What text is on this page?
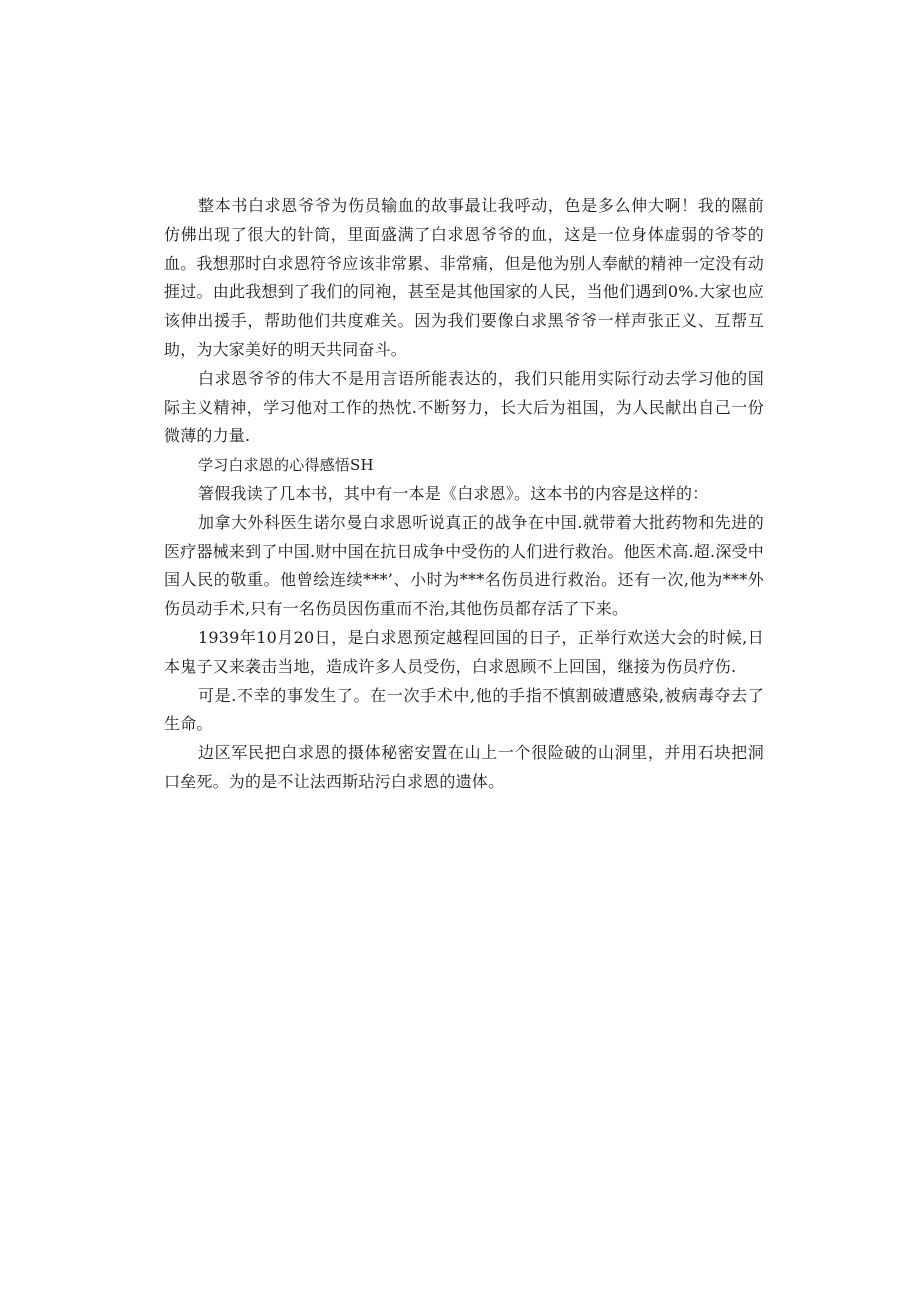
整本书白求恩爷爷为伤员输血的故事最让我呼动，色是多么伸大啊！我的隰前仿佛出现了很大的针筒，里面盛满了白求恩爷爷的血，这是一位身体虚弱的爷苓的血。我想那时白求恩符爷应该非常累、非常痛，但是他为别人奉献的精神一定没有动捱过。由此我想到了我们的同袍，甚至是其他国家的人民，当他们遇到0%.大家也应该伸出援手，帮助他们共度难关。因为我们要像白求黑爷爷一样声张正义、互帮互助，为大家美好的明天共同奋斗。

白求恩爷爷的伟大不是用言语所能表达的，我们只能用实际行动去学习他的国际主义精神，学习他对工作的热忱.不断努力，长大后为祖国，为人民献出自己一份微薄的力量.

学习白求恩的心得感悟SH

箸假我读了几本书，其中有一本是《白求恩》。这本书的内容是这样的：

加拿大外科医生诺尔曼白求恩听说真正的战争在中国.就带着大批药物和先进的医疗器械来到了中国.财中国在抗日成争中受伤的人们进行救治。他医术高.超.深受中国人民的敬重。他曾绘连续***’、小时为***名伤员进行救治。还有一次,他为***外伤员动手术,只有一名伤员因伤重而不治,其他伤员都存活了下来。

1939年10月20日，是白求恩预定越程回国的日子，正举行欢送大会的时候,日本鬼子又来袭击当地，造成许多人员受伤，白求恩顾不上回国，继接为伤员疗伤.

可是.不幸的事发生了。在一次手术中,他的手指不慎割破遭感染,被病毒夺去了生命。

边区军民把白求恩的摄体秘密安置在山上一个很险破的山洞里，并用石块把洞口垒死。为的是不让法西斯玷污白求恩的遗体。
